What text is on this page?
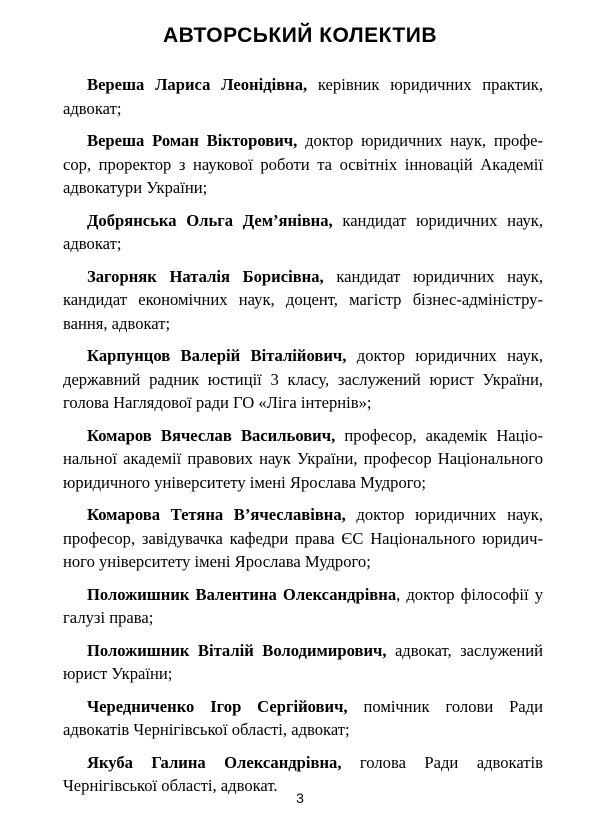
АВТОРСЬКИЙ КОЛЕКТИВ

Вереша Лариса Леонідівна, керівник юридичних практик, адвокат;

Вереша Роман Вікторович, доктор юридичних наук, професор, проректор з наукової роботи та освітніх інновацій Академії адвокатури України;

Добрянська Ольга Дем’янівна, кандидат юридичних наук, адвокат;

Загорняк Наталія Борисівна, кандидат юридичних наук, кандидат економічних наук, доцент, магістр бізнес-адміністрування, адвокат;

Карпунцов Валерій Віталійович, доктор юридичних наук, державний радник юстиції 3 класу, заслужений юрист України, голова Наглядової ради ГО «Ліга інтернів»;

Комаров Вячеслав Васильович, професор, академік Національної академії правових наук України, професор Національного юридичного університету імені Ярослава Мудрого;

Комарова Тетяна В’ячеславівна, доктор юридичних наук, професор, завідувачка кафедри права ЄС Національного юридичного університету імені Ярослава Мудрого;

Положишник Валентина Олександрівна, доктор філософії у галузі права;

Положишник Віталій Володимирович, адвокат, заслужений юрист України;

Чередниченко Ігор Сергійович, помічник голови Ради адвокатів Чернігівської області, адвокат;

Якуба Галина Олександрівна, голова Ради адвокатів Чернігівської області, адвокат.

3
